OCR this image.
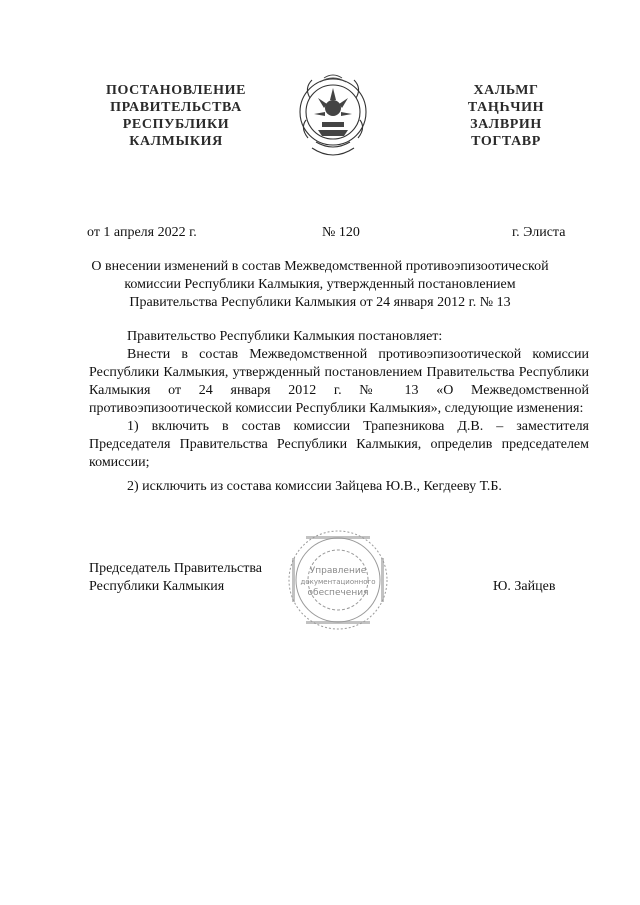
ПОСТАНОВЛЕНИЕ
ПРАВИТЕЛЬСТВА
РЕСПУБЛИКИ
КАЛМЫКИЯ
ХАЛЬМГ
ТАҢҺЧИН
ЗАЛВРИН
ТОГТАВР
от 1 апреля 2022 г.	№ 120	г. Элиста
О внесении изменений в состав Межведомственной противоэпизоотической
комиссии Республики Калмыкия, утвержденный постановлением
Правительства Республики Калмыкия от 24 января 2012 г. № 13

Правительство Республики Калмыкия постановляет:

Внести в состав Межведомственной противоэпизоотической комиссии Республики Калмыкия, утвержденный постановлением Правительства Республики Калмыкия от 24 января 2012 г. № 13 «О Межведомственной противоэпизоотической комиссии Республики Калмыкия», следующие изменения:

1) включить в состав комиссии Трапезникова Д.В. – заместителя Председателя Правительства Республики Калмыкия, определив председателем комиссии;

2) исключить из состава комиссии Зайцева Ю.В., Кегдееву Т.Б.

Управление
документационного
обеспечения
Председатель Правительства
Республики Калмыкия	Ю. Зайцев
